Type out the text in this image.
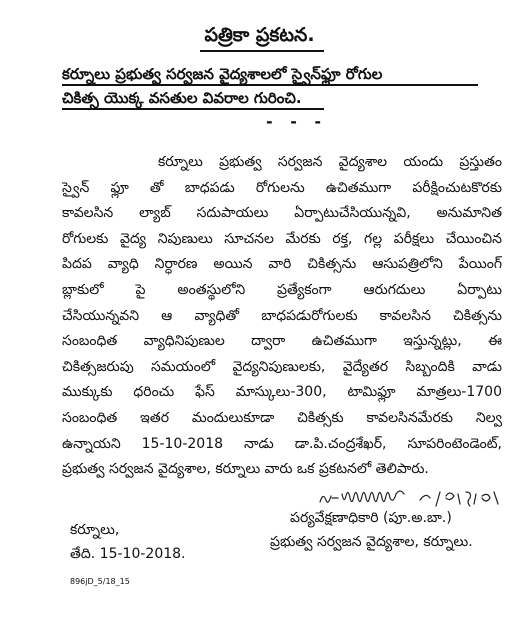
పత్రికా ప్రకటన.
కర్నూలు ప్రభుత్వ సర్వజన వైద్యశాలలో స్వైన్‌ఫ్లూ రోగుల
చికిత్స యొక్క వసతుల వివరాల గురించి.
- - -
కర్నూలు ప్రభుత్వ సర్వజన వైద్యశాల యందు ప్రస్తుతం
స్వైన్ ఫ్లూ తో బాధపడు రోగులను ఉచితముగా పరీక్షించుటకొరకు
కావలసిన ల్యాబ్ సదుపాయలు ఏర్పాటుచేసియున్నవి, అనుమానిత
రోగులకు వైద్య నిపుణులు సూచనల మేరకు రక్త, గల్ల పరీక్షలు చేయించిన
పిదప వ్యాధి నిర్ధారణ అయిన వారి చికిత్సను ఆసుపత్రిలోని పేయింగ్
బ్లాకులో పై అంతస్థులోని ప్రత్యేకంగా ఆరుగదులు ఏర్పాటు
చేసియున్నవని ఆ వ్యాధితో బాధపడురోగులకు కావలసిన చికిత్సను
సంబంధిత వ్యాధినిపుణుల ద్వారా ఉచితముగా ఇస్తున్నట్లు, ఈ
చికిత్సజరుపు సమయంలో వైద్యనిపుణులకు, వైద్యేతర సిబ్బందికి వాడు
ముక్కుకు ధరించు ఫేస్ మాస్కులు-300, టామిఫ్లూ మాత్రలు-1700
సంబంధిత ఇతర మందులుకూడా చికిత్సకు కావలసినమేరకు నిల్వ
ఉన్నాయని 15-10-2018 నాడు డా.పి.చంద్రశేఖర్, సూపరింటెండెంట్,
ప్రభుత్వ సర్వజన వైద్యశాల, కర్నూలు వారు ఒక ప్రకటనలో తెలిపారు.
పర్యవేక్షణాధికారి (పూ.అ.బా.)
ప్రభుత్వ సర్వజన వైద్యశాల, కర్నూలు.
కర్నూలు,
తేది. 15-10-2018.
896jD_5/18_15
